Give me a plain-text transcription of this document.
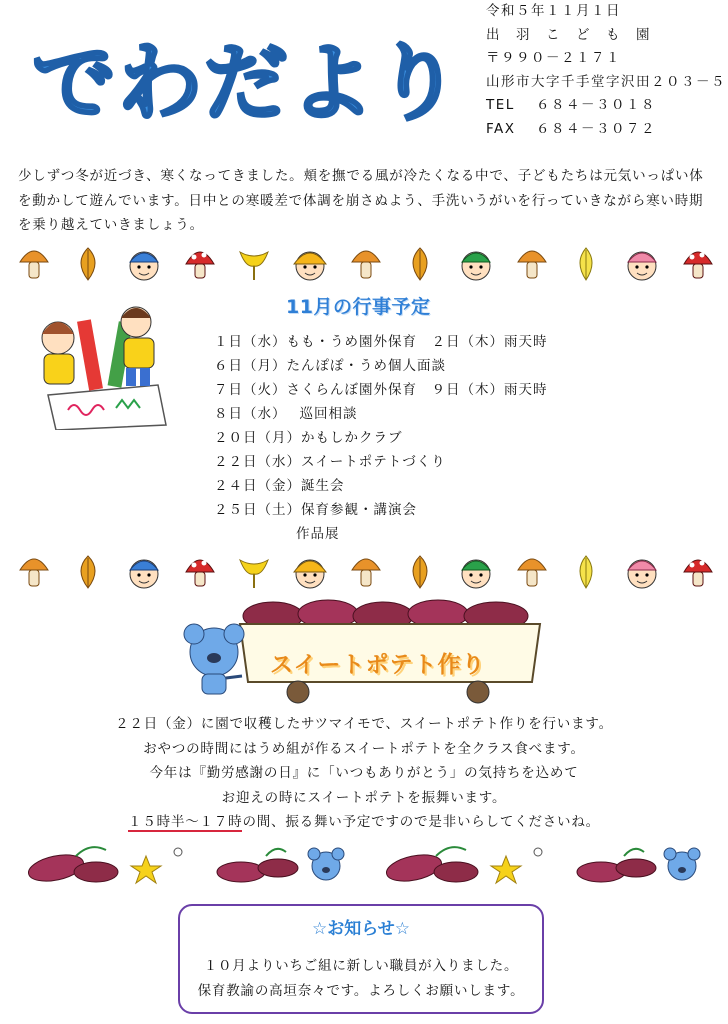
でわだより
令和５年１１月１日
出　羽　こ　ど　も　園
〒９９０－２１７１
山形市大字千手堂字沢田２０３－５
TEL	６８４－３０１８
FAX	６８４－３０７２
少しずつ冬が近づき、寒くなってきました。頬を撫でる風が冷たくなる中で、子どもたちは元気いっぱい体を動かして遊んでいます。日中との寒暖差で体調を崩さぬよう、手洗いうがいを行っていきながら寒い時期を乗り越えていきましょう。
11月の行事予定
１日（水）もも・うめ園外保育　２日（木）雨天時
６日（月）たんぽぽ・うめ個人面談
７日（火）さくらんぼ園外保育　９日（木）雨天時
８日（水）　 巡回相談
２０日（月）かもしかクラブ
２２日（水）スイートポテトづくり
２４日（金）誕生会
２５日（土）保育参観・講演会
作品展
スイートポテト作り
２２日（金）に園で収穫したサツマイモで、スイートポテト作りを行います。
おやつの時間にはうめ組が作るスイートポテトを全クラス食べます。
今年は『勤労感謝の日』に「いつもありがとう」の気持ちを込めて
お迎えの時にスイートポテトを振舞います。
１５時半～１７時の間、振る舞い予定ですので是非いらしてくださいね。
☆お知らせ☆
１０月よりいちご組に新しい職員が入りました。
保育教諭の高垣奈々です。よろしくお願いします。
